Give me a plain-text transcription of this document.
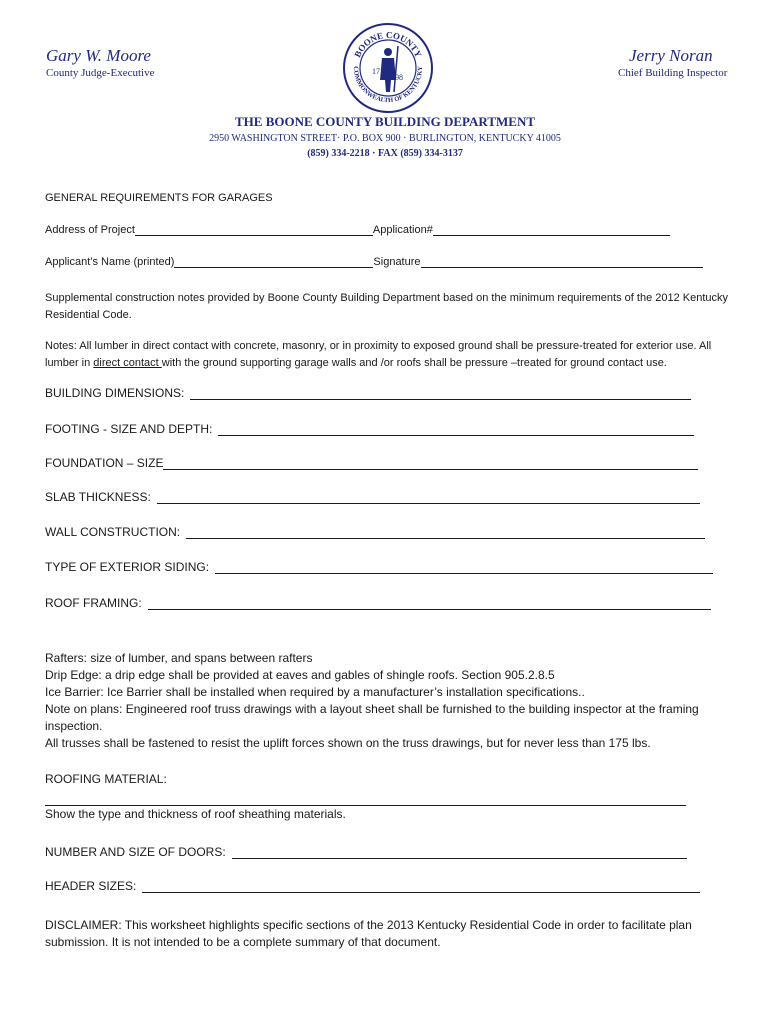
Gary W. Moore
County Judge-Executive
Jerry Noran
Chief Building Inspector
BOONE COUNTY
COMMONWEALTH OF KENTUCKY
17
98
THE BOONE COUNTY BUILDING DEPARTMENT
2950 WASHINGTON STREET· P.O. BOX 900 · BURLINGTON, KENTUCKY 41005
(859) 334-2218 · FAX (859) 334-3137
GENERAL REQUIREMENTS FOR GARAGES
Address of Project	Application#
Applicant’s Name (printed)	Signature
Supplemental construction notes provided by Boone County Building Department based on the minimum requirements of the 2012 Kentucky Residential Code.
Notes: All lumber in direct contact with concrete, masonry, or in proximity to exposed ground shall be pressure-treated for exterior use. All lumber in direct contact with the ground supporting garage walls and /or roofs shall be pressure –treated for ground contact use.
BUILDING DIMENSIONS:
FOOTING - SIZE AND DEPTH:
FOUNDATION – SIZE
SLAB THICKNESS:
WALL CONSTRUCTION:
TYPE OF EXTERIOR SIDING:
ROOF FRAMING:
Rafters: size of lumber, and spans between rafters
Drip Edge: a drip edge shall be provided at eaves and gables of shingle roofs. Section 905.2.8.5
Ice Barrier: Ice Barrier shall be installed when required by a manufacturer’s installation specifications..
Note on plans: Engineered roof truss drawings with a layout sheet shall be furnished to the building inspector at the framing inspection.
All trusses shall be fastened to resist the uplift forces shown on the truss drawings, but for never less than 175 lbs.
ROOFING MATERIAL:
Show the type and thickness of roof sheathing materials.
NUMBER AND SIZE OF DOORS:
HEADER SIZES:
DISCLAIMER: This worksheet highlights specific sections of the 2013 Kentucky Residential Code in order to facilitate plan submission. It is not intended to be a complete summary of that document.
